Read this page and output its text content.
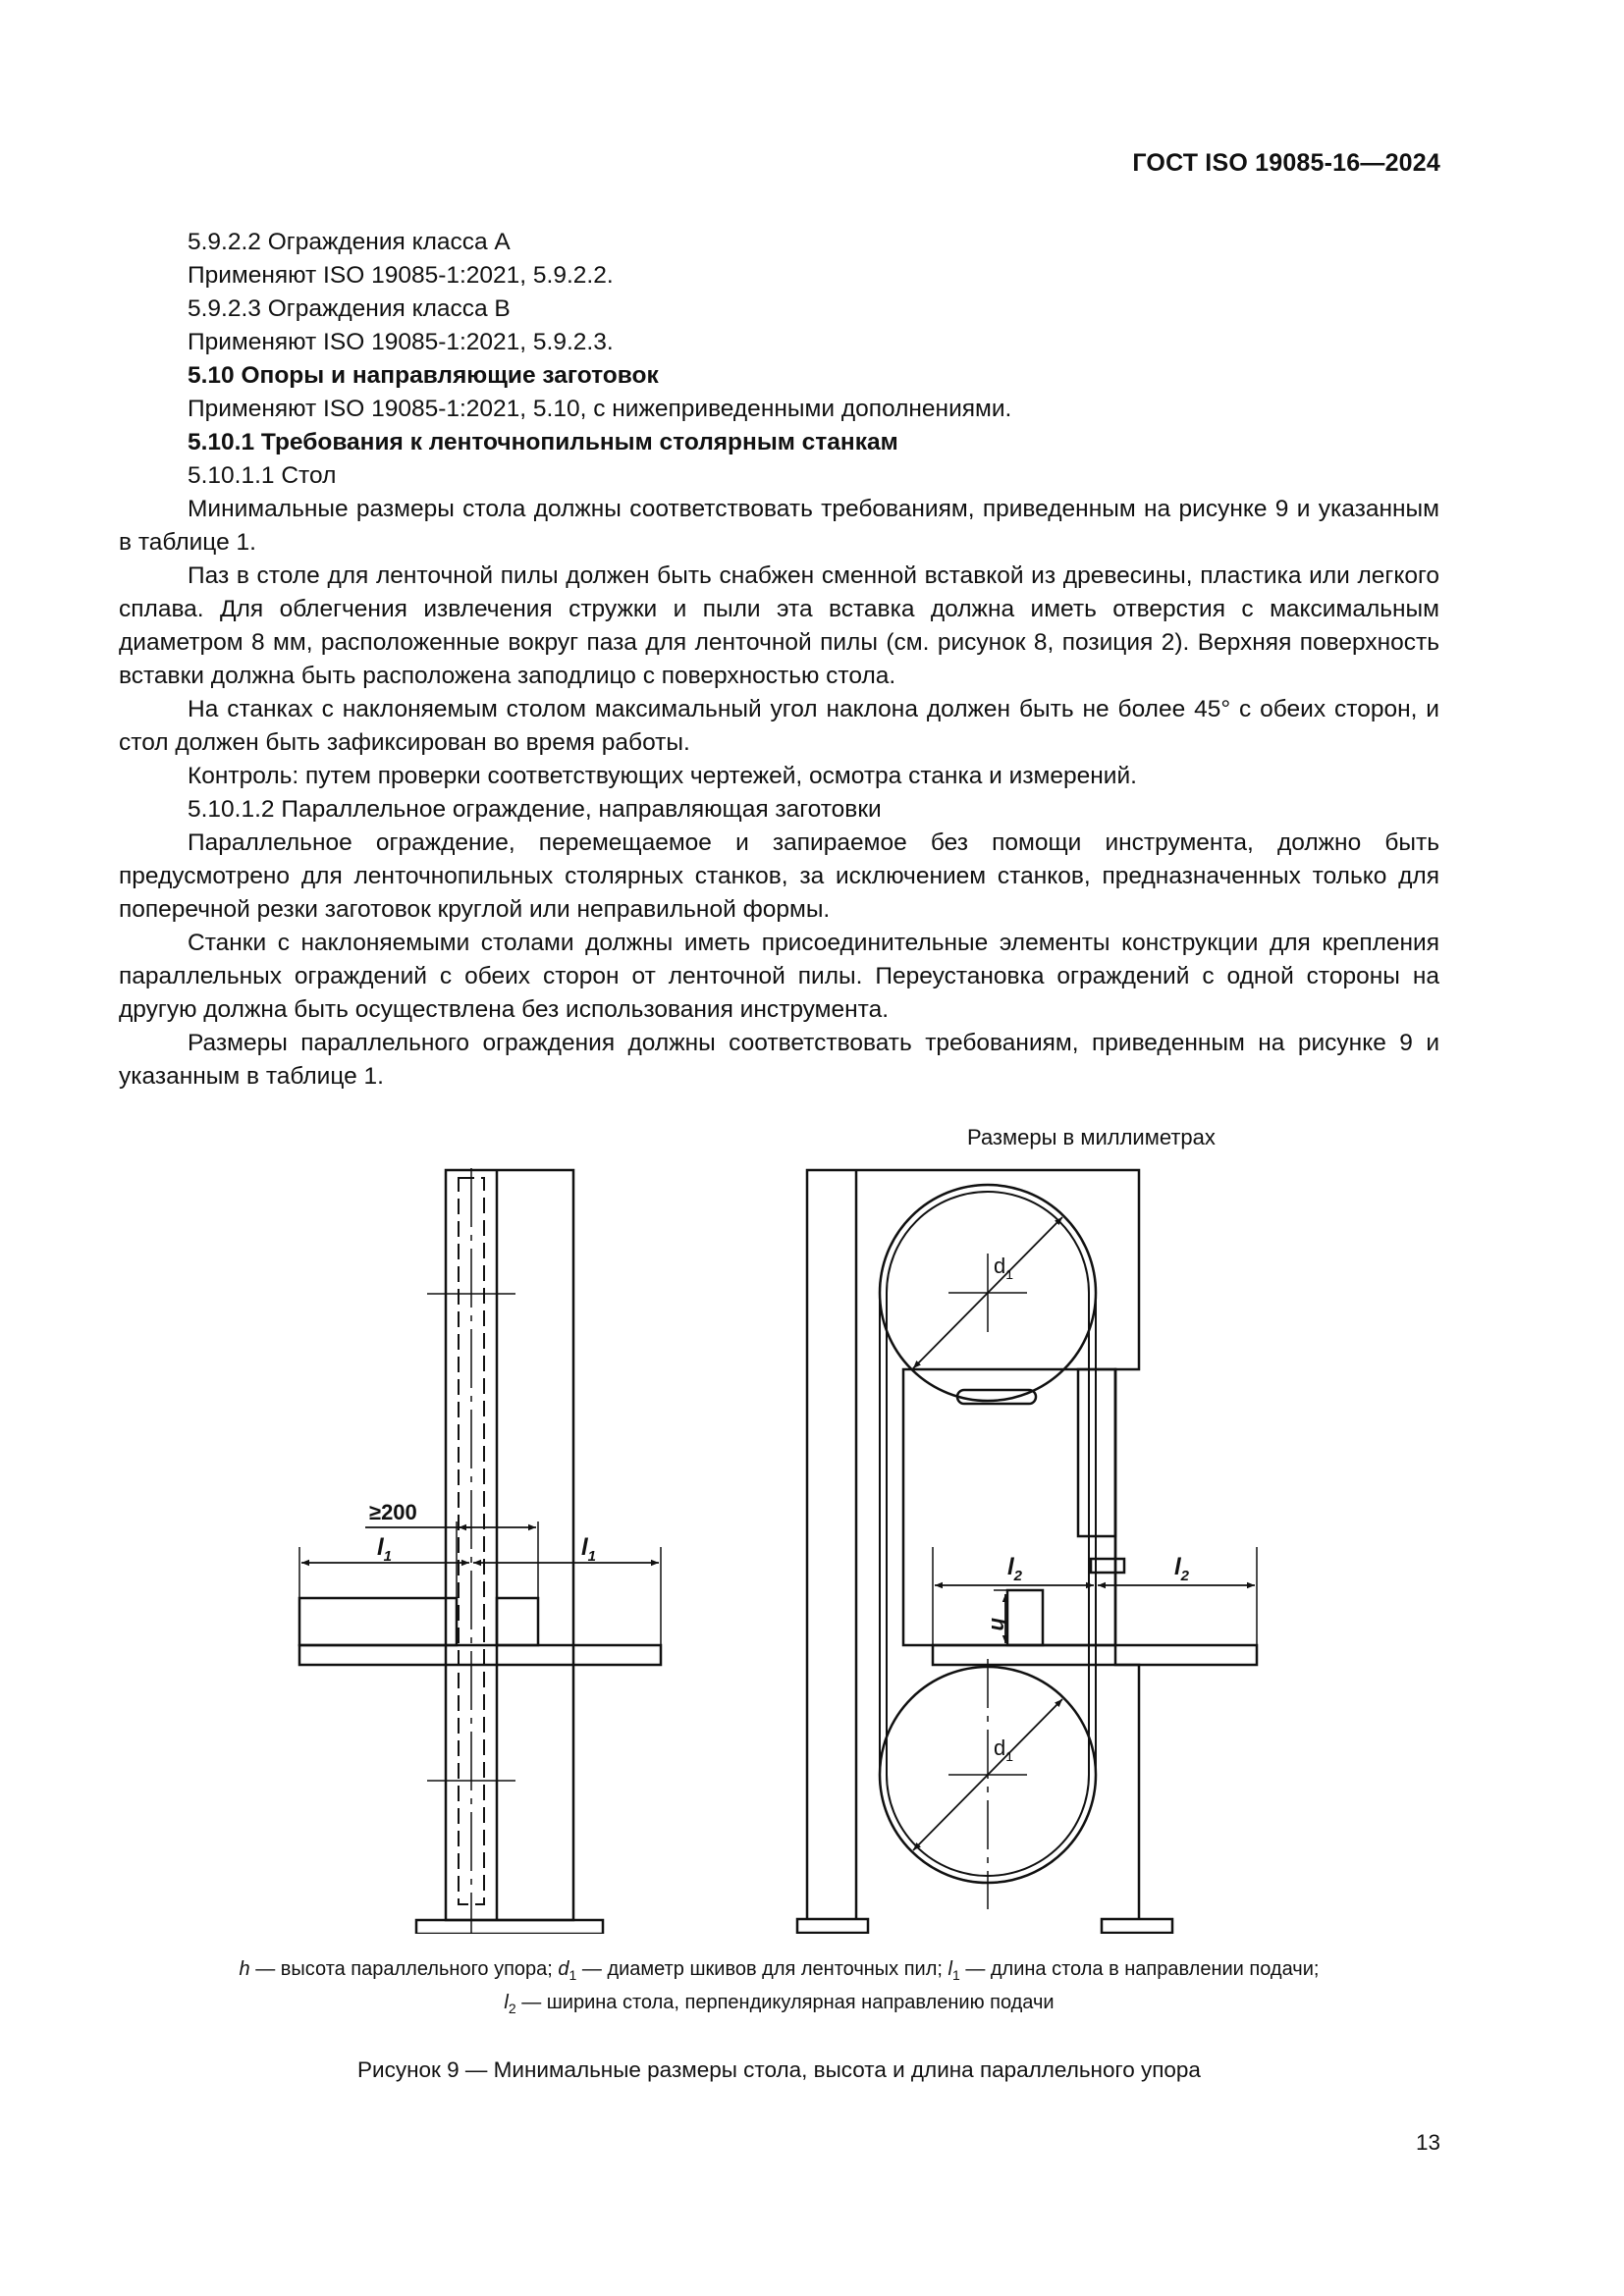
ГОСТ ISO 19085-16—2024

5.9.2.2 Ограждения класса А

Применяют ISO 19085-1:2021, 5.9.2.2.

5.9.2.3 Ограждения класса В

Применяют ISO 19085-1:2021, 5.9.2.3.

5.10 Опоры и направляющие заготовок

Применяют ISO 19085-1:2021, 5.10, с нижеприведенными дополнениями.

5.10.1 Требования к ленточнопильным столярным станкам

5.10.1.1 Стол

Минимальные размеры стола должны соответствовать требованиям, приведенным на рисунке 9 и указанным в таблице 1.

Паз в столе для ленточной пилы должен быть снабжен сменной вставкой из древесины, пластика или легкого сплава. Для облегчения извлечения стружки и пыли эта вставка должна иметь отверстия с максимальным диаметром 8 мм, расположенные вокруг паза для ленточной пилы (см. рисунок 8, позиция 2). Верхняя поверхность вставки должна быть расположена заподлицо с поверхностью стола.

На станках с наклоняемым столом максимальный угол наклона должен быть не более 45° с обеих сторон, и стол должен быть зафиксирован во время работы.

Контроль: путем проверки соответствующих чертежей, осмотра станка и измерений.

5.10.1.2 Параллельное ограждение, направляющая заготовки

Параллельное ограждение, перемещаемое и запираемое без помощи инструмента, должно быть предусмотрено для ленточнопильных столярных станков, за исключением станков, предназначенных только для поперечной резки заготовок круглой или неправильной формы.

Станки с наклоняемыми столами должны иметь присоединительные элементы конструкции для крепления параллельных ограждений с обеих сторон от ленточной пилы. Переустановка ограждений с одной стороны на другую должна быть осуществлена без использования инструмента.

Размеры параллельного ограждения должны соответствовать требованиям, приведенным на рисунке 9 и указанным в таблице 1.

Размеры в миллиметрах
≥200
$l_1$	$l_1$
$d_1$
$d_1$
$l_2$	$l_2$
h
h — высота параллельного упора; $d_1$ — диаметр шкивов для ленточных пил; $l_1$ — длина стола в направлении подачи;
$l_2$ — ширина стола, перпендикулярная направлению подачи
Рисунок 9 — Минимальные размеры стола, высота и длина параллельного упора
13
